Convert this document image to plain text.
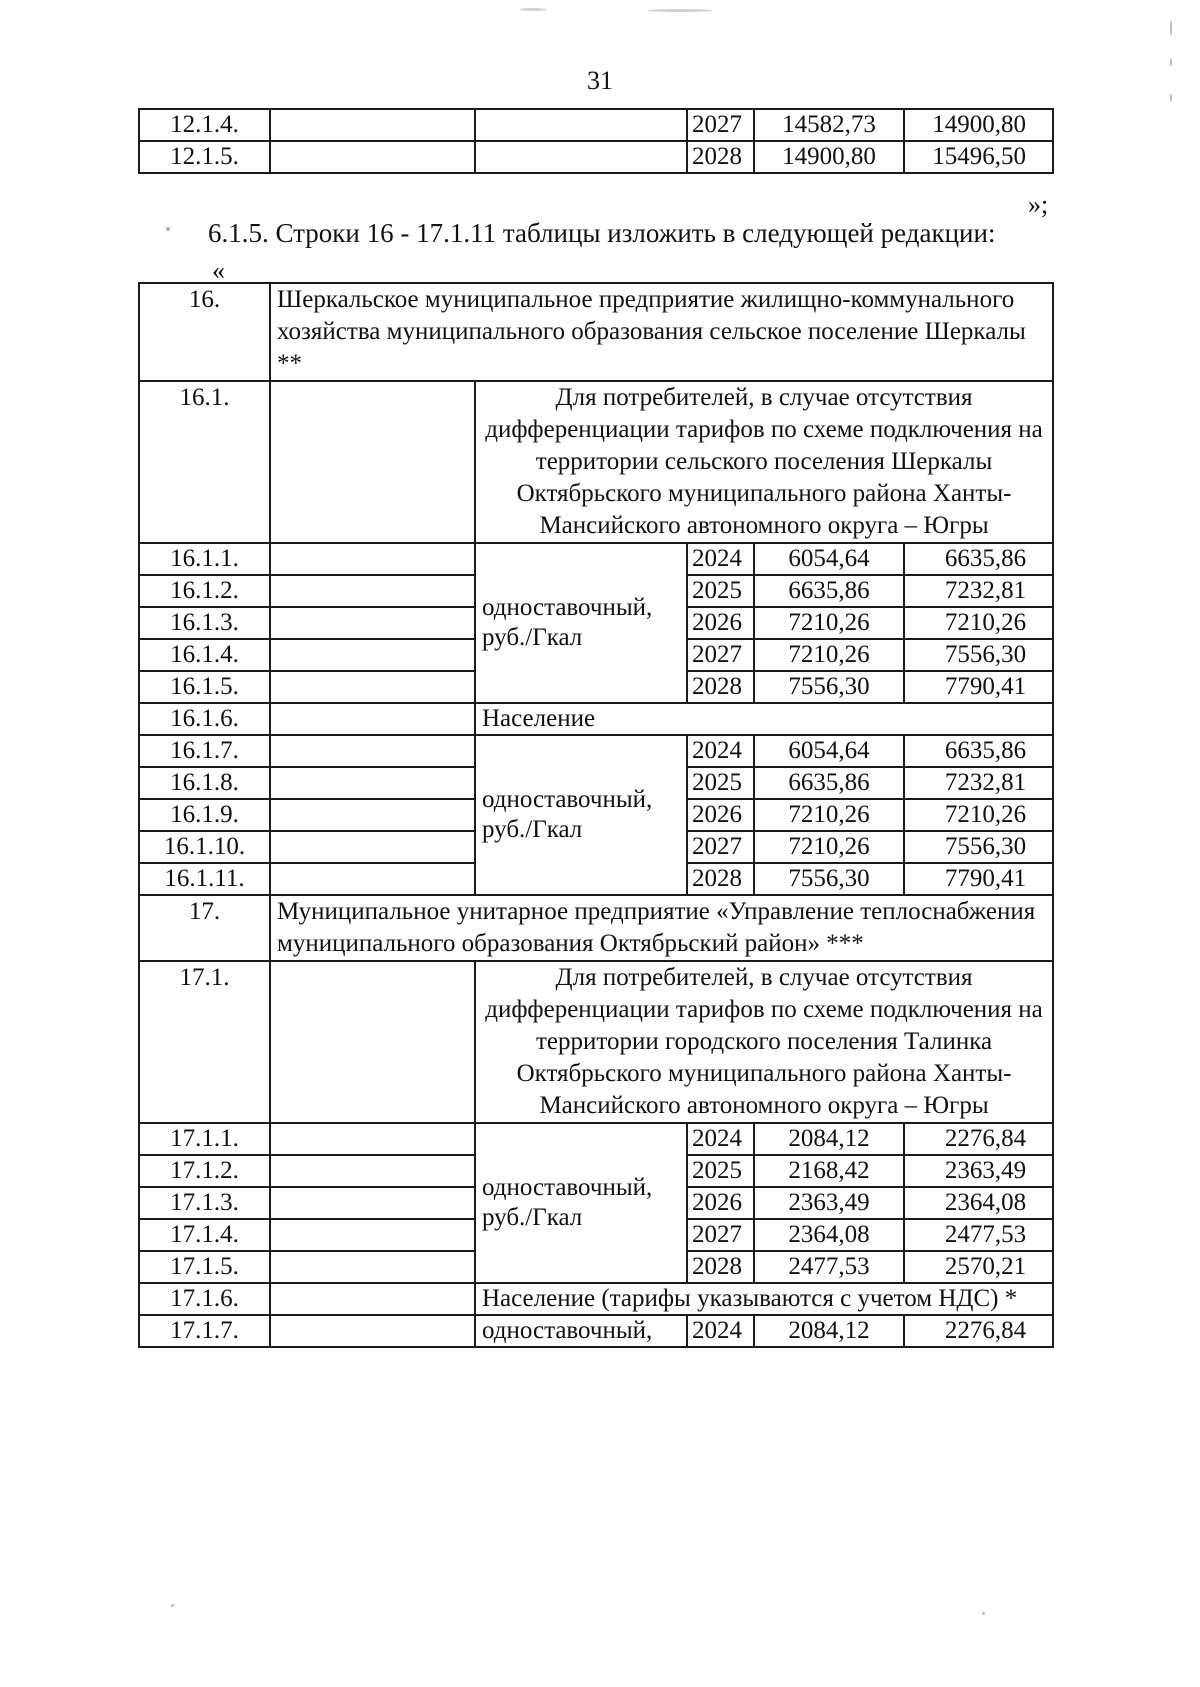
31
12.1.4.			2027	14582,73	14900,80
12.1.5.			2028	14900,80	15496,50
»;
6.1.5. Строки 16 - 17.1.11 таблицы изложить в следующей редакции:
«
16.	Шеркальское муниципальное предприятие жилищно-коммунального хозяйства муниципального образования сельское поселение Шеркалы **				
16.1.		Для потребителей, в случае отсутствия дифференциации тарифов по схеме подключения на территории сельского поселения Шеркалы Октябрьского муниципального района Ханты-Мансийского автономного округа – Югры			
16.1.1.		одноставочный, руб./Гкал	2024	6054,64	6635,86
16.1.2.			2025	6635,86	7232,81
16.1.3.			2026	7210,26	7210,26
16.1.4.			2027	7210,26	7556,30
16.1.5.			2028	7556,30	7790,41
16.1.6.		Население			
16.1.7.		одноставочный, руб./Гкал	2024	6054,64	6635,86
16.1.8.			2025	6635,86	7232,81
16.1.9.			2026	7210,26	7210,26
16.1.10.			2027	7210,26	7556,30
16.1.11.			2028	7556,30	7790,41
17.	Муниципальное унитарное предприятие «Управление теплоснабжения муниципального образования Октябрьский район» ***				
17.1.		Для потребителей, в случае отсутствия дифференциации тарифов по схеме подключения на территории городского поселения Талинка Октябрьского муниципального района Ханты-Мансийского автономного округа – Югры			
17.1.1.		одноставочный, руб./Гкал	2024	2084,12	2276,84
17.1.2.			2025	2168,42	2363,49
17.1.3.			2026	2363,49	2364,08
17.1.4.			2027	2364,08	2477,53
17.1.5.			2028	2477,53	2570,21
17.1.6.		Население (тарифы указываются с учетом НДС) *			
17.1.7.		одноставочный,	2024	2084,12	2276,84
